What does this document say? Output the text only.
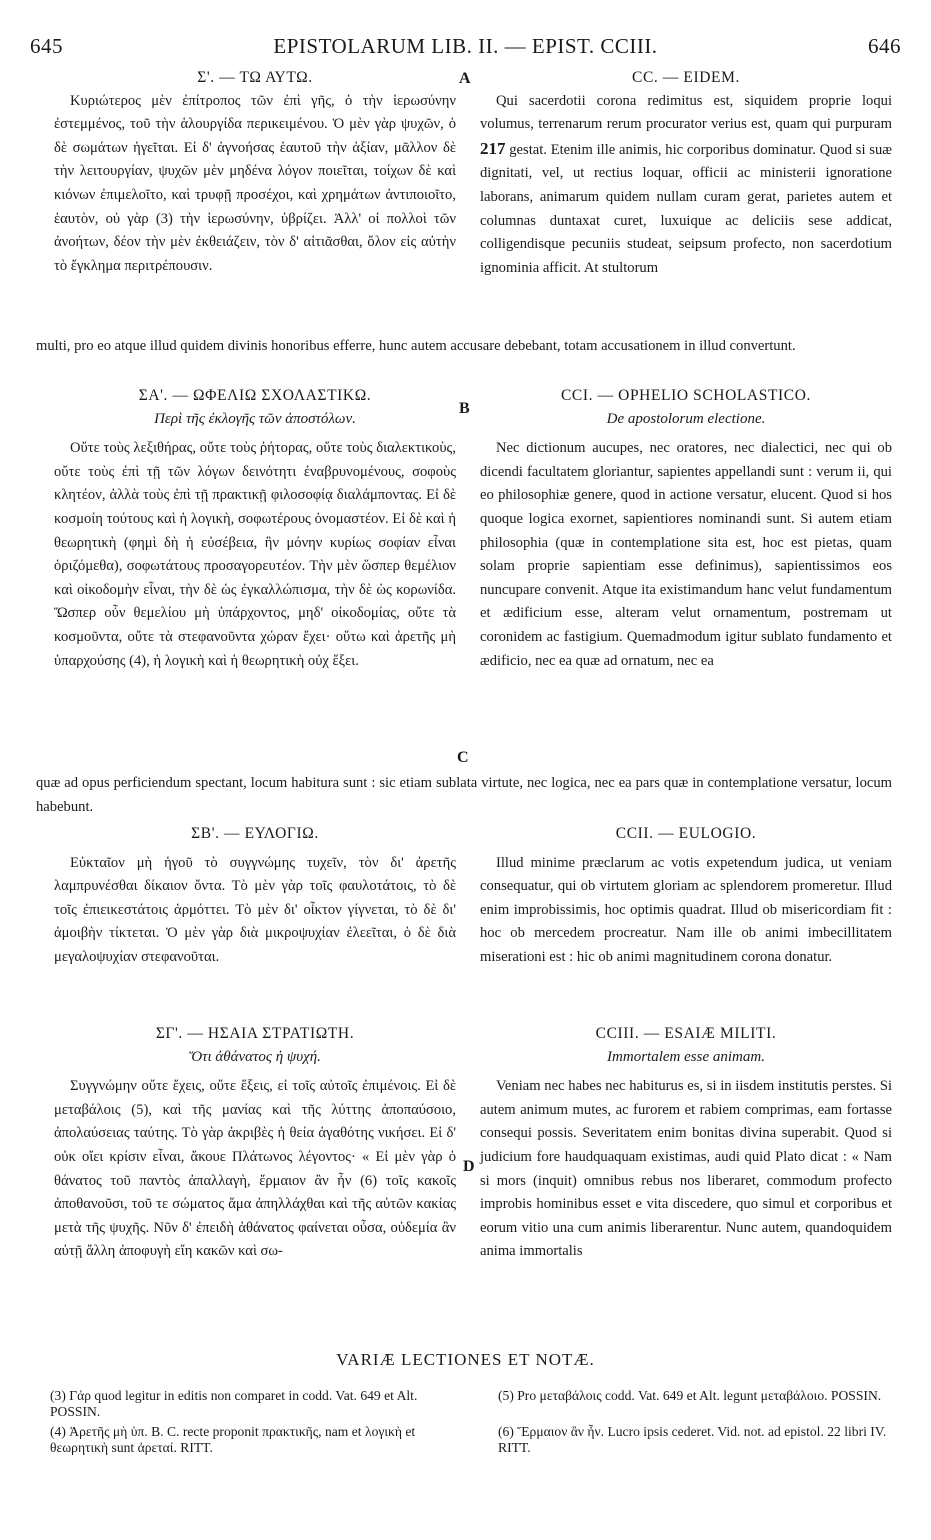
645	EPISTOLARUM LIB. II. — EPIST. CCIII.	646

Σ'. — ΤΩ ΑΥΤΩ.

Κυριώτερος μὲν ἐπίτροπος τῶν ἐπὶ γῆς, ὁ τὴν ἱερωσύνην ἐστεμμένος, τοῦ τὴν ἁλουργίδα περικειμένου. Ὁ μὲν γὰρ ψυχῶν, ὁ δὲ σωμάτων ἡγεῖται. Εἰ δ' ἀγνοήσας ἑαυτοῦ τὴν ἀξίαν, μᾶλλον δὲ τὴν λειτουργίαν, ψυχῶν μὲν μηδένα λόγον ποιεῖται, τοίχων δὲ καὶ κιόνων ἐπιμελοῖτο, καὶ τρυφῇ προσέχοι, καὶ χρημάτων ἀντιποιοῖτο, ἑαυτὸν, οὐ γὰρ (3) τὴν ἱερωσύνην, ὑβρίζει. Ἀλλ' οἱ πολλοὶ τῶν ἀνοήτων, δέον τὴν μὲν ἐκθειάζειν, τὸν δ' αἰτιᾶσθαι, ὅλον εἰς αὐτὴν τὸ ἔγκλημα περιτρέπουσιν.

A	CC. — EIDEM.

Qui sacerdotii corona redimitus est, siquidem proprie loqui volumus, terrenarum rerum procurator verius est, quam qui purpuram 217 gestat. Etenim ille animis, hic corporibus dominatur. Quod si suæ dignitati, vel, ut rectius loquar, officii ac ministerii ignoratione laborans, animarum quidem nullam curam gerat, parietes autem et columnas duntaxat curet, luxuique ac deliciis sese addicat, colligendisque pecuniis studeat, seipsum profecto, non sacerdotium ignominia afficit. At stultorum

multi, pro eo atque illud quidem divinis honoribus efferre, hunc autem accusare debebant, totam accusationem in illud convertunt.

ΣΑ'. — ΩΦΕΛΙΩ ΣΧΟΛΑΣΤΙΚΩ.

Περὶ τῆς ἐκλογῆς τῶν ἀποστόλων.

Οὔτε τοὺς λεξιθήρας, οὔτε τοὺς ῥήτορας, οὔτε τοὺς διαλεκτικοὺς, οὔτε τοὺς ἐπὶ τῇ τῶν λόγων δεινότητι ἐναβρυνομένους, σοφοὺς κλητέον, ἀλλὰ τοὺς ἐπὶ τῇ πρακτικῇ φιλοσοφίᾳ διαλάμποντας. Εἰ δὲ κοσμοίη τούτους καὶ ἡ λογικὴ, σοφωτέρους ὀνομαστέον. Εἰ δὲ καὶ ἡ θεωρητικὴ (φημὶ δὴ ἡ εὐσέβεια, ἣν μόνην κυρίως σοφίαν εἶναι ὁριζόμεθα), σοφωτάτους προσαγορευτέον. Τὴν μὲν ὥσπερ θεμέλιον καὶ οἰκοδομὴν εἶναι, τὴν δὲ ὡς ἐγκαλλώπισμα, τὴν δὲ ὡς κορωνίδα. Ὥσπερ οὖν θεμελίου μὴ ὑπάρχοντος, μηδ' οἰκοδομίας, οὔτε τὰ κοσμοῦντα, οὔτε τὰ στεφανοῦντα χώραν ἔχει· οὕτω καὶ ἀρετῆς μὴ ὑπαρχούσης (4), ἡ λογικὴ καὶ ἡ θεωρητικὴ οὐχ ἕξει.

B

CCI. — OPHELIO SCHOLASTICO.

De apostolorum electione.

Nec dictionum aucupes, nec oratores, nec dialectici, nec qui ob dicendi facultatem gloriantur, sapientes appellandi sunt : verum ii, qui eo philosophiæ genere, quod in actione versatur, elucent. Quod si hos quoque logica exornet, sapientiores nominandi sunt. Si autem etiam philosophia (quæ in contemplatione sita est, hoc est pietas, quam solam proprie sapientiam esse definimus), sapientissimos eos nuncupare convenit. Atque ita existimandum hanc velut fundamentum et ædificium esse, alteram velut ornamentum, postremam ut coronidem ac fastigium. Quemadmodum igitur sublato fundamento et ædificio, nec ea quæ ad ornatum, nec ea

C
quæ ad opus perficiendum spectant, locum habitura sunt : sic etiam sublata virtute, nec logica, nec ea pars quæ in contemplatione versatur, locum habebunt.

ΣΒ'. — ΕΥΛΟΓΙΩ.

Εὐκταῖον μὴ ἡγοῦ τὸ συγγνώμης τυχεῖν, τὸν δι' ἀρετῆς λαμπρυνέσθαι δίκαιον ὄντα. Τὸ μὲν γὰρ τοῖς φαυλοτάτοις, τὸ δὲ τοῖς ἐπιεικεστάτοις ἁρμόττει. Τὸ μὲν δι' οἶκτον γίγνεται, τὸ δὲ δι' ἀμοιβὴν τίκτεται. Ὁ μὲν γὰρ διὰ μικροψυχίαν ἐλεεῖται, ὁ δὲ διὰ μεγαλοψυχίαν στεφανοῦται.

CCII. — EULOGIO.

Illud minime præclarum ac votis expetendum judica, ut veniam consequatur, qui ob virtutem gloriam ac splendorem promeretur. Illud enim improbissimis, hoc optimis quadrat. Illud ob misericordiam fit : hoc ob mercedem procreatur. Nam ille ob animi imbecillitatem miserationi est : hic ob animi magnitudinem corona donatur.

ΣΓ'. — ΗΣΑΙΑ ΣΤΡΑΤΙΩΤΗ.

Ὅτι ἀθάνατος ἡ ψυχή.

Συγγνώμην οὔτε ἔχεις, οὔτε ἕξεις, εἰ τοῖς αὐτοῖς ἐπιμένοις. Εἰ δὲ μεταβάλοις (5), καὶ τῆς μανίας καὶ τῆς λύττης ἀποπαύσοιο, ἀπολαύσειας ταύτης. Τὸ γὰρ ἀκριβὲς ἡ θεία ἀγαθότης νικήσει. Εἰ δ' οὐκ οἴει κρίσιν εἶναι, ἄκουε Πλάτωνος λέγοντος· « Εἰ μὲν γὰρ ὁ θάνατος τοῦ παντὸς ἀπαλλαγὴ, ἕρμαιον ἂν ἦν (6) τοῖς κακοῖς ἀποθανοῦσι, τοῦ τε σώματος ἅμα ἀπηλλάχθαι καὶ τῆς αὐτῶν κακίας μετὰ τῆς ψυχῆς. Νῦν δ' ἐπειδὴ ἀθάνατος φαίνεται οὖσα, οὐδεμία ἂν αὐτῇ ἄλλη ἀποφυγὴ εἴη κακῶν καὶ σω-

D

CCIII. — ESAIÆ MILITI.

Immortalem esse animam.

Veniam nec habes nec habiturus es, si in iisdem institutis perstes. Si autem animum mutes, ac furorem et rabiem comprimas, eam fortasse consequi possis. Severitatem enim bonitas divina superabit. Quod si judicium fore haudquaquam existimas, audi quid Plato dicat : « Nam si mors (inquit) omnibus rebus nos liberaret, commodum profecto improbis hominibus esset e vita discedere, quo simul et corporibus et eorum vitio una cum animis liberarentur. Nunc autem, quandoquidem anima immortalis

VARIÆ LECTIONES ET NOTÆ.
(3) Γάρ quod legitur in editis non comparet in codd. Vat. 649 et Alt. POSSIN.
(4) Ἀρετῆς μὴ ὑπ. B. C. recte proponit πρακτικῆς, nam et λογικὴ et θεωρητικὴ sunt ἀρεταί. RITT.
(5) Pro μεταβάλοις codd. Vat. 649 et Alt. legunt μεταβάλοιο. POSSIN.
(6) Ἕρμαιον ἂν ἦν. Lucro ipsis cederet. Vid. not. ad epistol. 22 libri IV. RITT.
